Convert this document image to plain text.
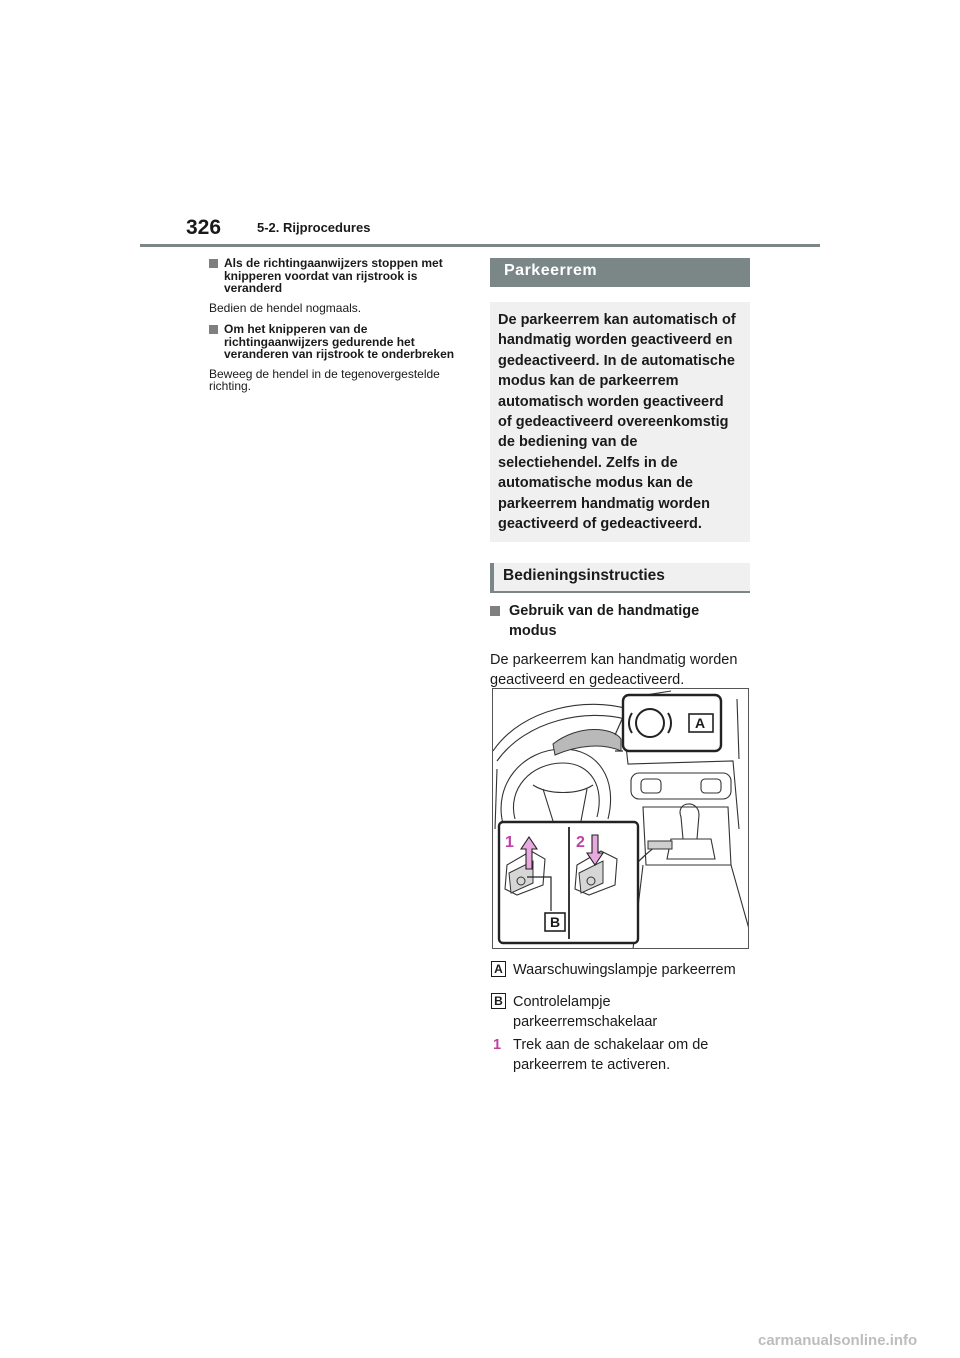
326	5-2. Rijprocedures
Als de richtingaanwijzers stoppen met knipperen voordat van rijstrook is veranderd
Bedien de hendel nogmaals.
Om het knipperen van de richtingaanwijzers gedurende het veranderen van rijstrook te onderbreken
Beweeg de hendel in de tegenovergestelde richting.
Parkeerrem
De parkeerrem kan automatisch of handmatig worden geactiveerd en gedeactiveerd. In de automatische modus kan de parkeerrem automatisch worden geactiveerd of gedeactiveerd overeenkomstig de bediening van de selectiehendel. Zelfs in de automatische modus kan de parkeerrem handmatig worden geactiveerd of gedeactiveerd.
Bedieningsinstructies
Gebruik van de handmatige modus
De parkeerrem kan handmatig worden geactiveerd en gedeactiveerd.
A
B
1	2
A Waarschuwingslampje parkeerrem
B Controlelampje parkeerremschakelaar
1 Trek aan de schakelaar om de parkeerrem te activeren.
carmanualsonline.info
